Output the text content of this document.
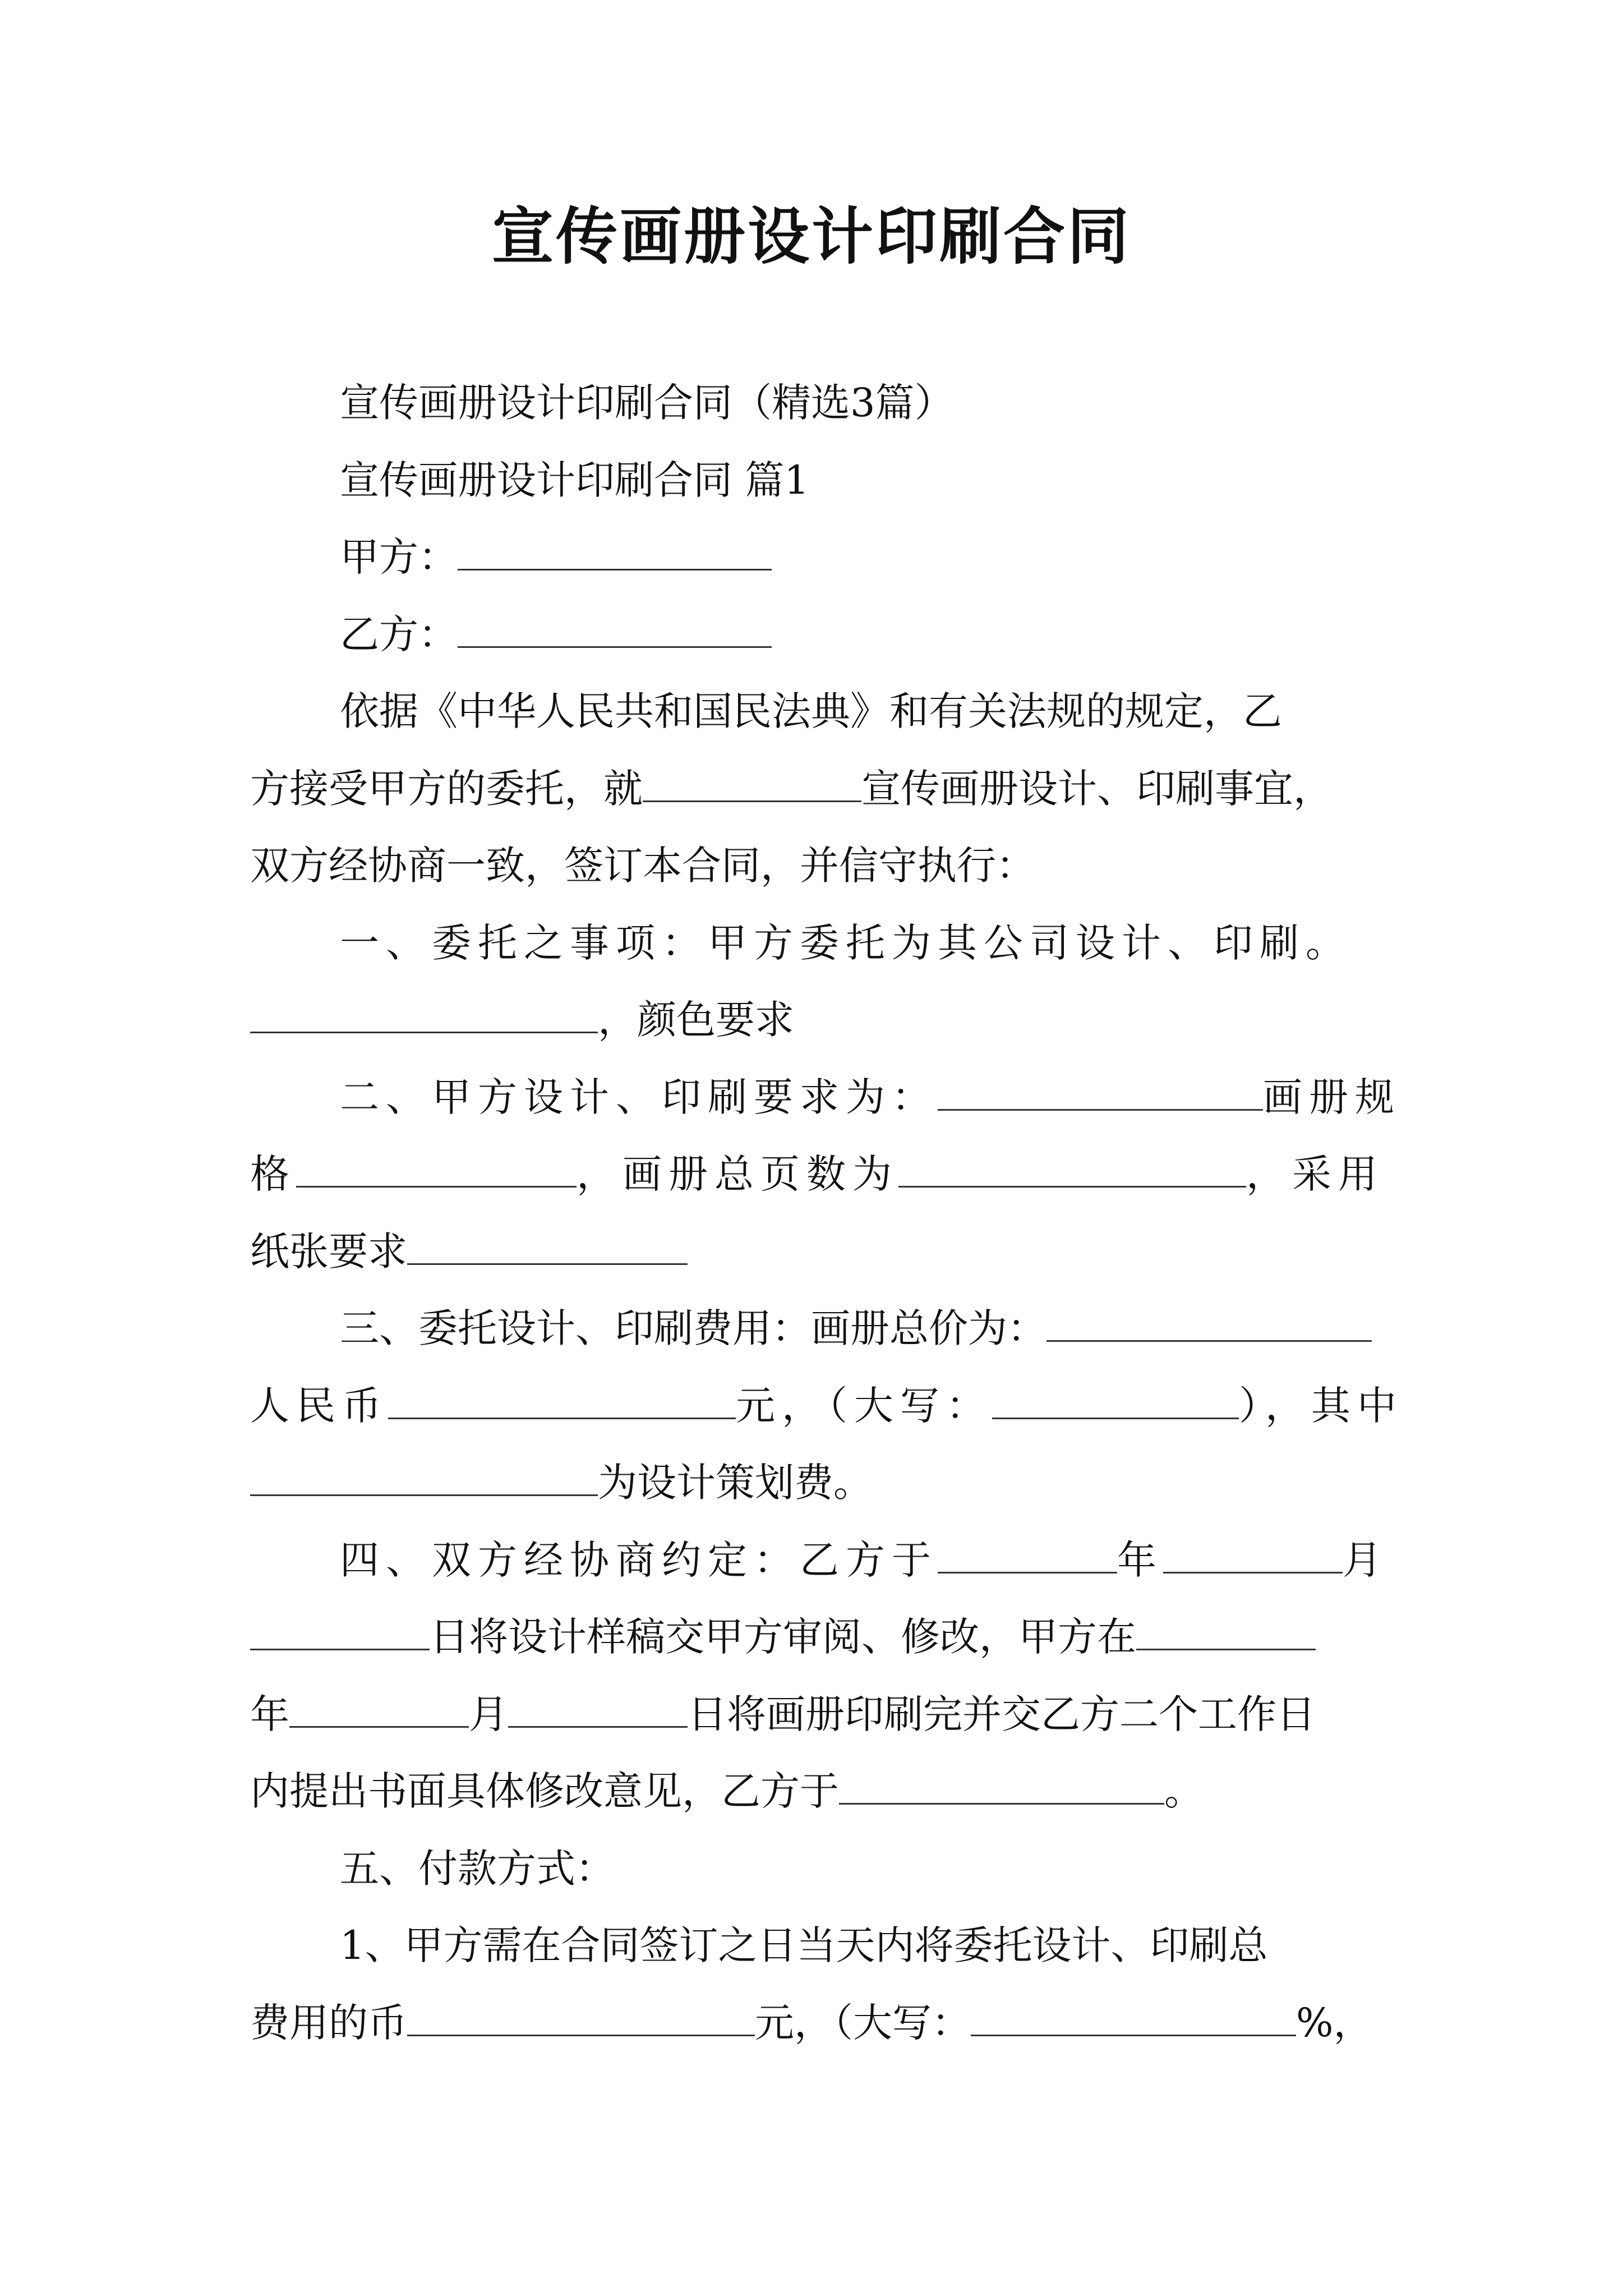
宣传画册设计印刷合同
宣传画册设计印刷合同（精选3篇）
宣传画册设计印刷合同 篇1
甲方：
乙方：
依据《中华人民共和国民法典》和有关法规的规定，乙
方接受甲方的委托，就	宣传画册设计、印刷事宜，
双方经协商一致，签订本合同，并信守执行：
一、委托之事项：甲方委托为其公司设计、印刷。
，颜色要求
二、甲方设计、印刷要求为：	画册规
格	，画册总页数为	，采用
纸张要求
三、委托设计、印刷费用：画册总价为：
人民币	元，（大写：	），其中
为设计策划费。
四、双方经协商约定：乙方于	年	月
日将设计样稿交甲方审阅、修改，甲方在
年	月	日将画册印刷完并交乙方二个工作日
内提出书面具体修改意见，乙方于	。
五、付款方式：
1、甲方需在合同签订之日当天内将委托设计、印刷总
费用的币	元，（大写：	%，
